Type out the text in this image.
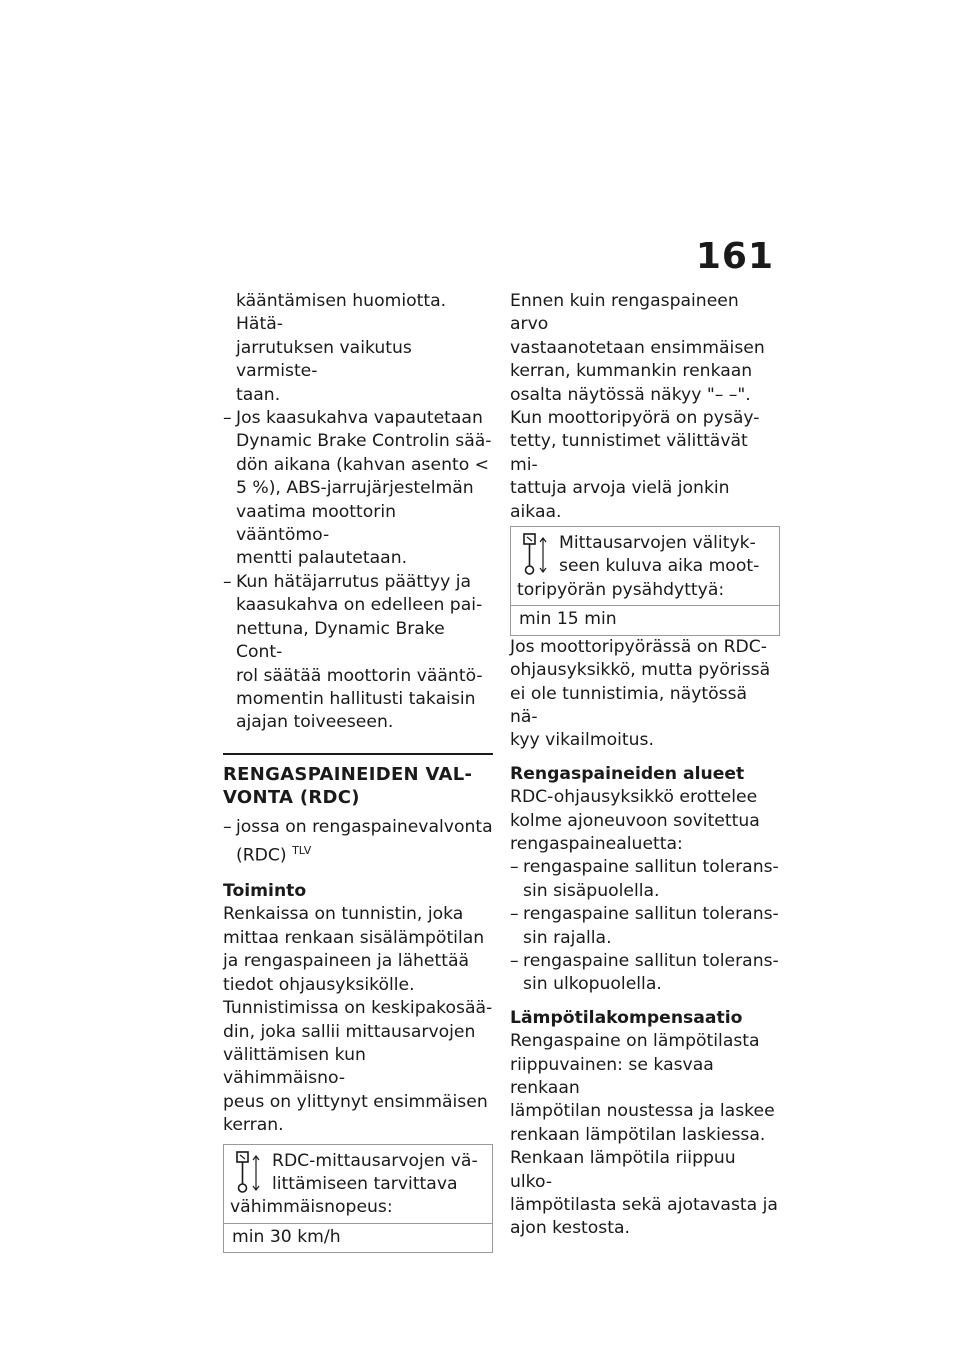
161
kääntämisen huomiotta. Hätä-
jarrutuksen vaikutus varmiste-
taan.
– Jos kaasukahva vapautetaan
Dynamic Brake Controlin sää-
dön aikana (kahvan asento <
5 %), ABS-jarrujärjestelmän
vaatima moottorin vääntömo-
mentti palautetaan.
– Kun hätäjarrutus päättyy ja
kaasukahva on edelleen pai-
nettuna, Dynamic Brake Cont-
rol säätää moottorin vääntö-
momentin hallitusti takaisin
ajajan toiveeseen.
RENGASPAINEIDEN VAL-
VONTA (RDC)
– jossa on rengaspainevalvonta
(RDC) $^{TLV}$
Toiminto
Renkaissa on tunnistin, joka
mittaa renkaan sisälämpötilan
ja rengaspaineen ja lähettää
tiedot ohjausyksikölle.
Tunnistimissa on keskipakosää-
din, joka sallii mittausarvojen
välittämisen kun vähimmäisno-
peus on ylittynyt ensimmäisen
kerran.
RDC-mittausarvojen vä-
littämiseen tarvittava
vähimmäisnopeus:
min 30 km/h
Ennen kuin rengaspaineen arvo
vastaanotetaan ensimmäisen
kerran, kummankin renkaan
osalta näytössä näkyy "– –".
Kun moottoripyörä on pysäy-
tetty, tunnistimet välittävät mi-
tattuja arvoja vielä jonkin aikaa.
Mittausarvojen välityk-
seen kuluva aika moot-
toripyörän pysähdyttyä:
min 15 min
Jos moottoripyörässä on RDC-
ohjausyksikkö, mutta pyörissä
ei ole tunnistimia, näytössä nä-
kyy vikailmoitus.
Rengaspaineiden alueet
RDC-ohjausyksikkö erottelee
kolme ajoneuvoon sovitettua
rengaspainealuetta:
– rengaspaine sallitun tolerans-
sin sisäpuolella.
– rengaspaine sallitun tolerans-
sin rajalla.
– rengaspaine sallitun tolerans-
sin ulkopuolella.
Lämpötilakompensaatio
Rengaspaine on lämpötilasta
riippuvainen: se kasvaa renkaan
lämpötilan noustessa ja laskee
renkaan lämpötilan laskiessa.
Renkaan lämpötila riippuu ulko-
lämpötilasta sekä ajotavasta ja
ajon kestosta.
